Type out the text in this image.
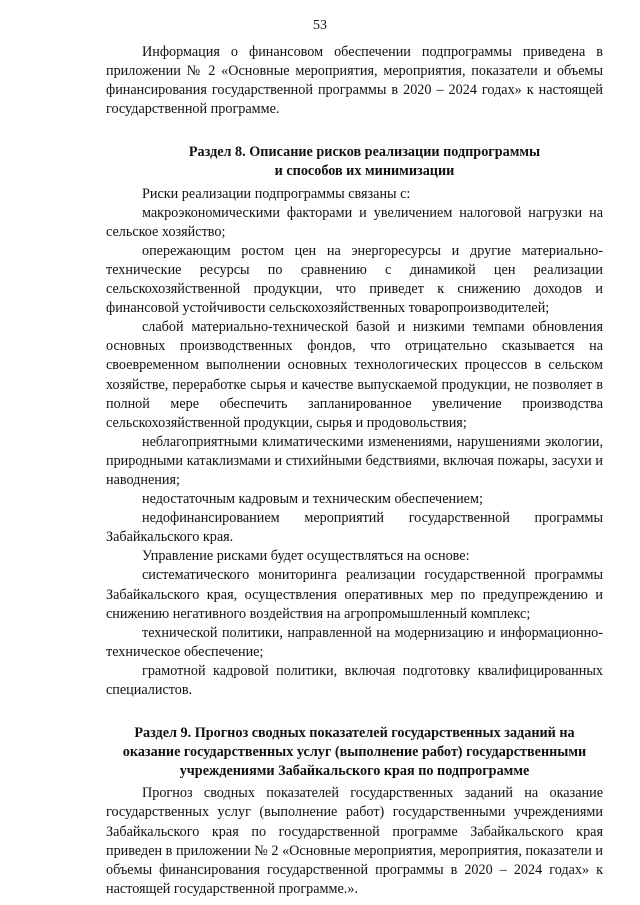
53

Информация о финансовом обеспечении подпрограммы приведена в приложении № 2 «Основные мероприятия, мероприятия, показатели и объемы финансирования государственной программы в 2020 – 2024 годах» к настоящей государственной программе.

Раздел 8. Описание рисков реализации подпрограммы
и способов их минимизации

Риски реализации подпрограммы связаны с:

макроэкономическими факторами и увеличением налоговой нагрузки на сельское хозяйство;

опережающим ростом цен на энергоресурсы и другие материально-технические ресурсы по сравнению с динамикой цен реализации сельскохозяйственной продукции, что приведет к снижению доходов и финансовой устойчивости сельскохозяйственных товаропроизводителей;

слабой материально-технической базой и низкими темпами обновления основных производственных фондов, что отрицательно сказывается на своевременном выполнении основных технологических процессов в сельском хозяйстве, переработке сырья и качестве выпускаемой продукции, не позволяет в полной мере обеспечить запланированное увеличение производства сельскохозяйственной продукции, сырья и продовольствия;

неблагоприятными климатическими изменениями, нарушениями экологии, природными катаклизмами и стихийными бедствиями, включая пожары, засухи и наводнения;

недостаточным кадровым и техническим обеспечением;

недофинансированием мероприятий государственной программы Забайкальского края.

Управление рисками будет осуществляться на основе:

систематического мониторинга реализации государственной программы Забайкальского края, осуществления оперативных мер по предупреждению и снижению негативного воздействия на агропромышленный комплекс;

технической политики, направленной на модернизацию и информационно-техническое обеспечение;

грамотной кадровой политики, включая подготовку квалифицированных специалистов.

Раздел 9. Прогноз сводных показателей государственных заданий на
оказание государственных услуг (выполнение работ) государственными
учреждениями Забайкальского края по подпрограмме

Прогноз сводных показателей государственных заданий на оказание государственных услуг (выполнение работ) государственными учреждениями Забайкальского края по государственной программе Забайкальского края приведен в приложении № 2 «Основные мероприятия, мероприятия, показатели и объемы финансирования государственной программы в 2020 – 2024 годах» к настоящей государственной программе.».
